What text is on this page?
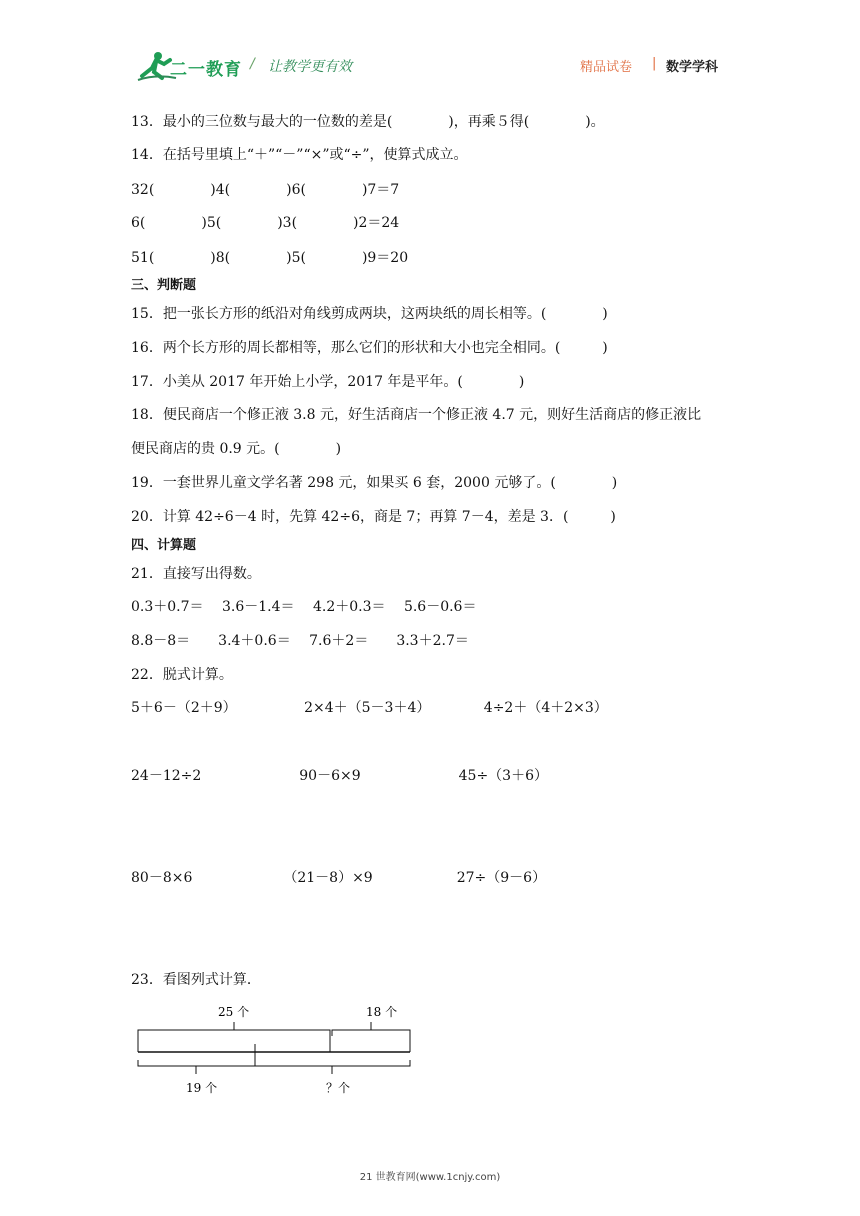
二一教育 / 让教学更有效	精品试卷 | 数学学科
13．最小的三位数与最大的一位数的差是(　　　　)，再乘５得(　　　　)。
14．在括号里填上“＋”“－”“×”或“÷”，使算式成立。
32(　　　　)4(　　　　)6(　　　　)7＝7
6(　　　　)5(　　　　)3(　　　　)2＝24
51(　　　　)8(　　　　)5(　　　　)9＝20
15．把一张长方形的纸沿对角线剪成两块，这两块纸的周长相等。(　　　　)
16．两个长方形的周长都相等，那么它们的形状和大小也完全相同。(　　　)
17．小美从 2017 年开始上小学，2017 年是平年。(　　　　)
18．便民商店一个修正液 3.8 元，好生活商店一个修正液 4.7 元，则好生活商店的修正液比
便民商店的贵 0.9 元。(　　　　)
19．一套世界儿童文学名著 298 元，如果买 6 套，2000 元够了。(　　　　)
20．计算 42÷6－4 时，先算 42÷6，商是 7；再算 7－4，差是 3．(　　　)
21．直接写出得数。
0.3＋0.7＝　 3.6－1.4＝　 4.2＋0.3＝　 5.6－0.6＝
8.8－8＝　　3.4＋0.6＝　 7.6＋2＝　　3.3＋2.7＝
22．脱式计算。
5＋6－（2＋9）　　　　　 2×4＋（5－3＋4）　　　　 4÷2＋（4＋2×3）
24－12÷2　　　　　　　90－6×9　　　　　　　45÷（3＋6）
80－8×6　　　　　　　（21－8）×9　　　　　　27÷（9－6）
23．看图列式计算．
三、判断题
四、计算题
25 个	18 个
19 个	？个
21 世教育网(www.1cnjy.com)
